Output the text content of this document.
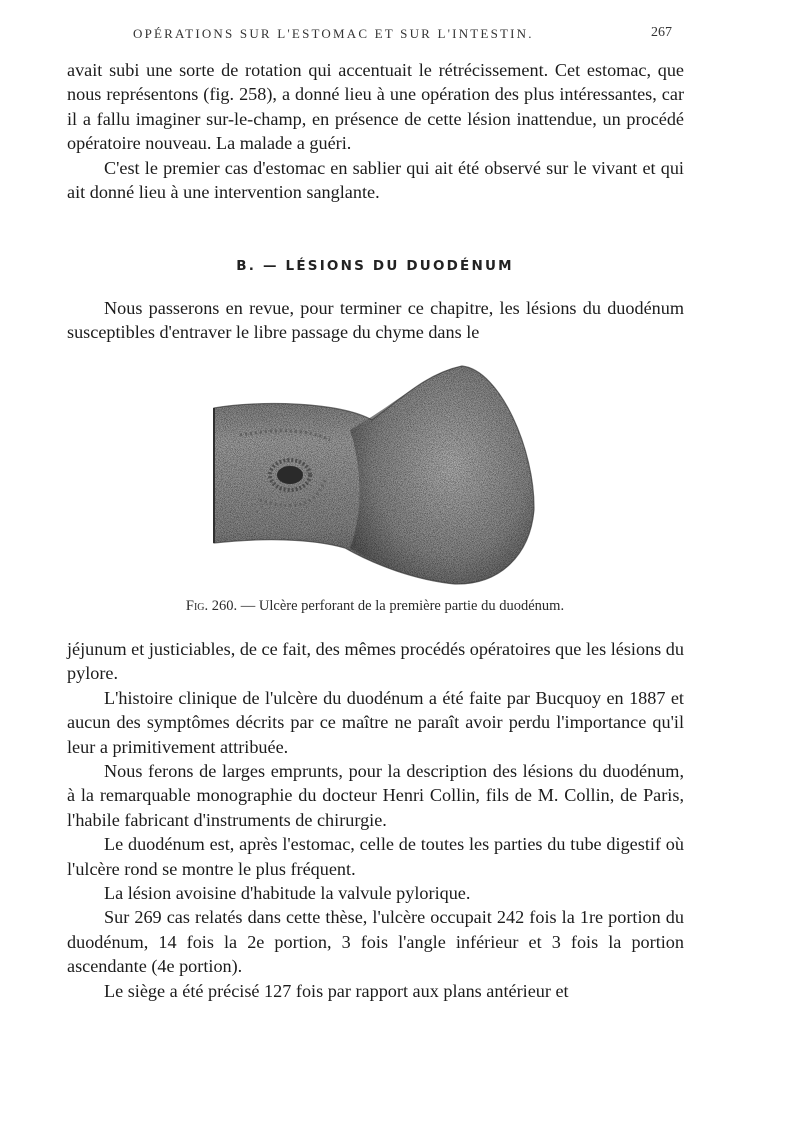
OPÉRATIONS SUR L'ESTOMAC ET SUR L'INTESTIN.	267

avait subi une sorte de rotation qui accentuait le rétrécissement. Cet estomac, que nous représentons (fig. 258), a donné lieu à une opération des plus intéressantes, car il a fallu imaginer sur-le-champ, en présence de cette lésion inattendue, un procédé opératoire nouveau. La malade a guéri.

C'est le premier cas d'estomac en sablier qui ait été observé sur le vivant et qui ait donné lieu à une intervention sanglante.

B. — LÉSIONS DU DUODÉNUM

Nous passerons en revue, pour terminer ce chapitre, les lésions du duodénum susceptibles d'entraver le libre passage du chyme dans le

Fig. 260. — Ulcère perforant de la première partie du duodénum.

jéjunum et justiciables, de ce fait, des mêmes procédés opératoires que les lésions du pylore.

L'histoire clinique de l'ulcère du duodénum a été faite par Bucquoy en 1887 et aucun des symptômes décrits par ce maître ne paraît avoir perdu l'importance qu'il leur a primitivement attribuée.

Nous ferons de larges emprunts, pour la description des lésions du duodénum, à la remarquable monographie du docteur Henri Collin, fils de M. Collin, de Paris, l'habile fabricant d'instruments de chirurgie.

Le duodénum est, après l'estomac, celle de toutes les parties du tube digestif où l'ulcère rond se montre le plus fréquent.

La lésion avoisine d'habitude la valvule pylorique.

Sur 269 cas relatés dans cette thèse, l'ulcère occupait 242 fois la 1re portion du duodénum, 14 fois la 2e portion, 3 fois l'angle inférieur et 3 fois la portion ascendante (4e portion).

Le siège a été précisé 127 fois par rapport aux plans antérieur et
